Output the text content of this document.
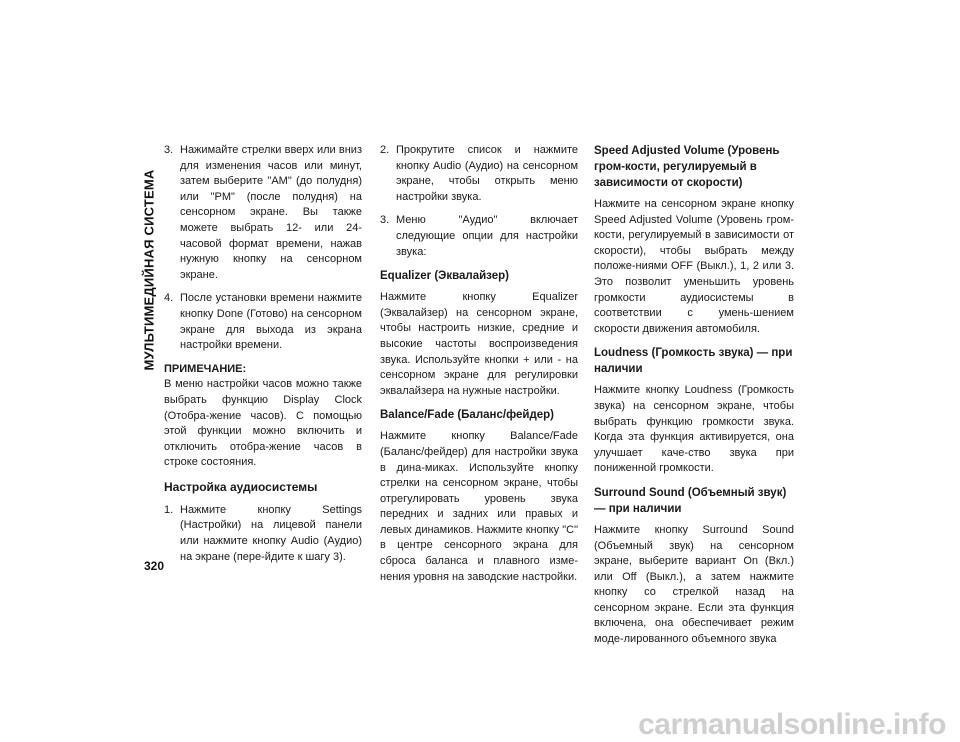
МУЛЬТИМЕДИЙНАЯ СИСТЕМА
320
3. Нажимайте стрелки вверх или вниз для изменения часов или минут, затем выберите "AM" (до полудня) или "PM" (после полудня) на сенсорном экране. Вы также можете выбрать 12- или 24-часовой формат времени, нажав нужную кнопку на сенсорном экране.
4. После установки времени нажмите кнопку Done (Готово) на сенсорном экране для выхода из экрана настройки времени.

ПРИМЕЧАНИЕ:

В меню настройки часов можно также выбрать функцию Display Clock (Отобра-жение часов). С помощью этой функции можно включить и отключить отобра-жение часов в строке состояния.

Настройка аудиосистемы
1. Нажмите кнопку Settings (Настройки) на лицевой панели или нажмите кнопку Audio (Аудио) на экране (пере-йдите к шагу 3).
2. Прокрутите список и нажмите кнопку Audio (Аудио) на сенсорном экране, чтобы открыть меню настройки звука.
3. Меню "Аудио" включает следующие опции для настройки звука:
Equalizer (Эквалайзер)

Нажмите кнопку Equalizer (Эквалайзер) на сенсорном экране, чтобы настроить низкие, средние и высокие частоты воспроизведения звука. Используйте кнопки + или - на сенсорном экране для регулировки эквалайзера на нужные настройки.

Balance/Fade (Баланс/фейдер)

Нажмите кнопку Balance/Fade (Баланс/фейдер) для настройки звука в дина-миках. Используйте кнопку стрелки на сенсорном экране, чтобы отрегулировать уровень звука передних и задних или правых и левых динамиков. Нажмите кнопку "C" в центре сенсорного экрана для сброса баланса и плавного изме-нения уровня на заводские настройки.

Speed Adjusted Volume (Уровень гром-кости, регулируемый в зависимости от скорости)

Нажмите на сенсорном экране кнопку Speed Adjusted Volume (Уровень гром-кости, регулируемый в зависимости от скорости), чтобы выбрать между положе-ниями OFF (Выкл.), 1, 2 или 3. Это позволит уменьшить уровень громкости аудиосистемы в соответствии с умень-шением скорости движения автомобиля.

Loudness (Громкость звука) — при наличии

Нажмите кнопку Loudness (Громкость звука) на сенсорном экране, чтобы выбрать функцию громкости звука. Когда эта функция активируется, она улучшает каче-ство звука при пониженной громкости.

Surround Sound (Объемный звук) — при наличии

Нажмите кнопку Surround Sound (Объемный звук) на сенсорном экране, выберите вариант On (Вкл.) или Off (Выкл.), а затем нажмите кнопку со стрелкой назад на сенсорном экране. Если эта функция включена, она обеспечивает режим моде-лированного объемного звука

carmanualsonline.info
